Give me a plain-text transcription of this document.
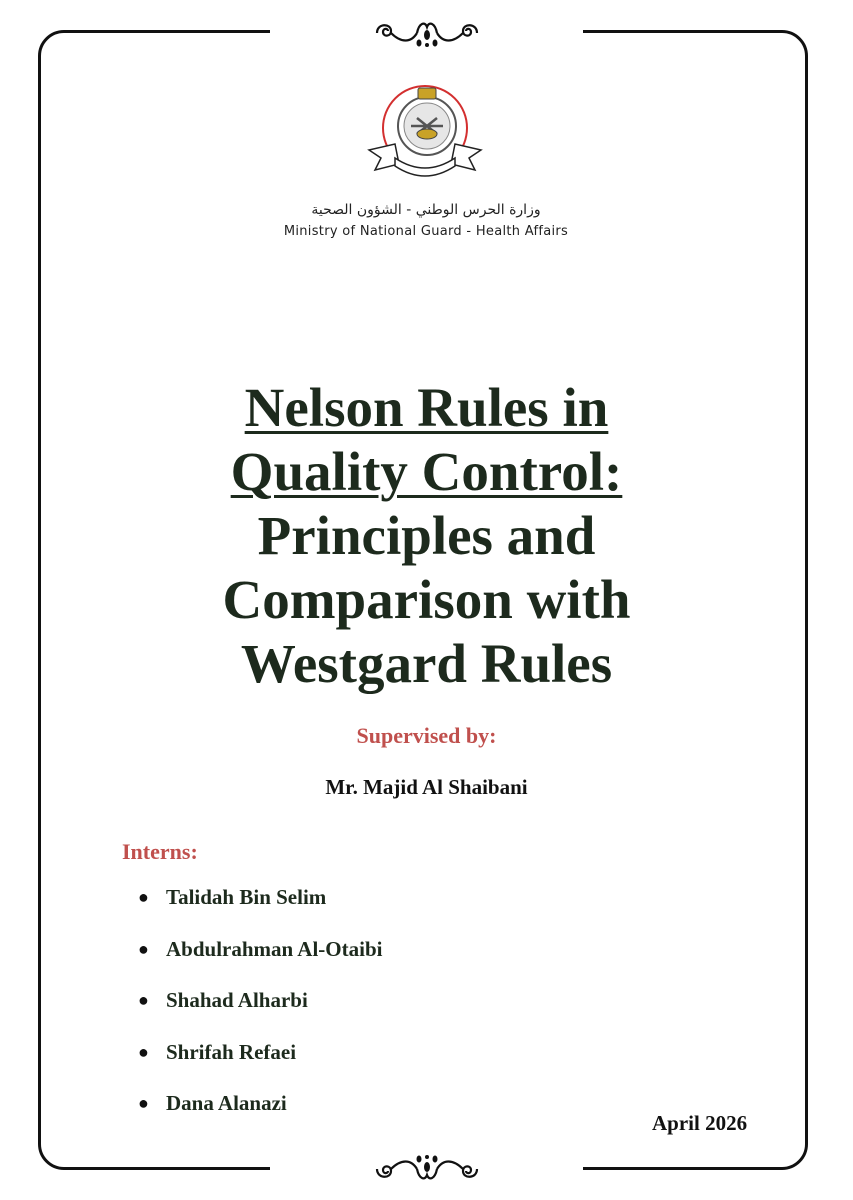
وزارة الحرس الوطني - الشؤون الصحية
Ministry of National Guard - Health Affairs
Nelson Rules in
Quality Control:
Principles and
Comparison with
Westgard Rules
Supervised by:
Mr. Majid Al Shaibani
Interns:
● Talidah Bin Selim
● Abdulrahman Al-Otaibi
● Shahad Alharbi
● Shrifah Refaei
● Dana Alanazi
April 2026
